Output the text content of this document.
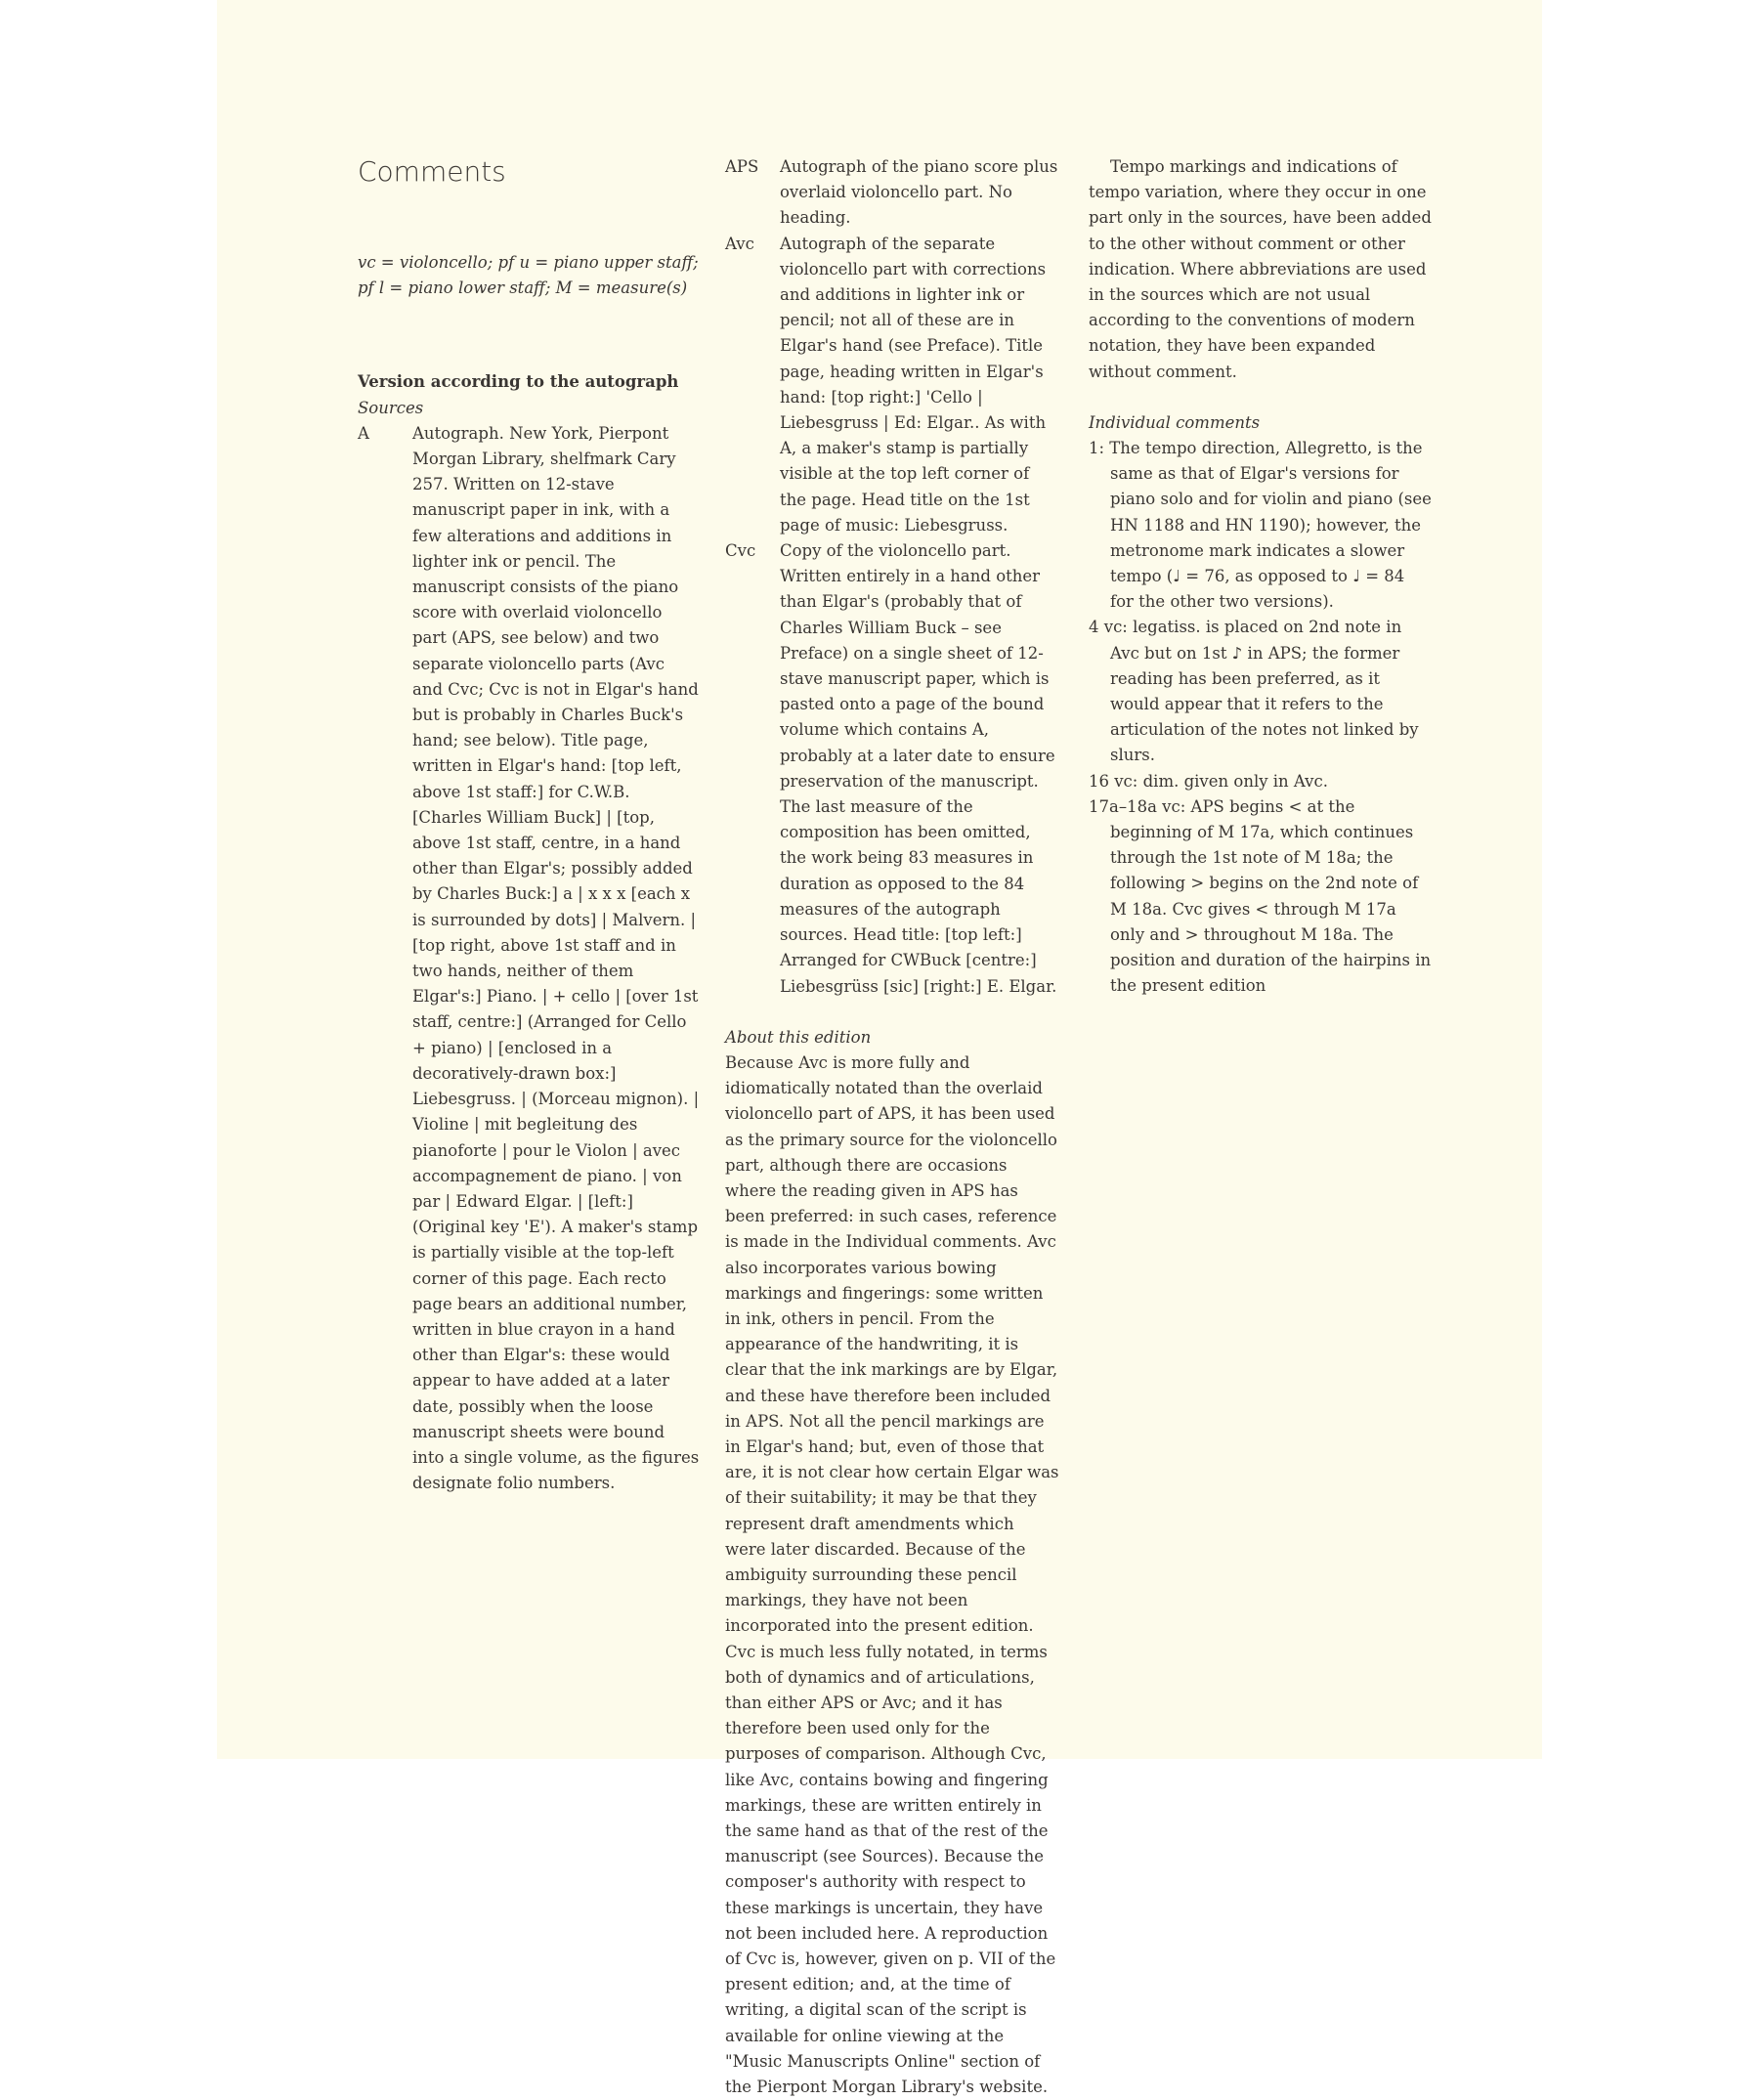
Comments

vc = violoncello; pf u = piano upper staff; pf l = piano lower staff; M = measure(s)

Version according to the autograph

Sources

A	Autograph. New York, Pierpont Morgan Library, shelfmark Cary 257. Written on 12-stave manuscript paper in ink, with a few alterations and additions in lighter ink or pencil. The manuscript consists of the piano score with overlaid violoncello part (APS, see below) and two separate violoncello parts (Avc and Cvc; Cvc is not in Elgar's hand but is probably in Charles Buck's hand; see below). Title page, written in Elgar's hand: [top left, above 1st staff:] for C.W.B. [Charles William Buck] | [top, above 1st staff, centre, in a hand other than Elgar's; possibly added by Charles Buck:] a | x x x [each x is surrounded by dots] | Malvern. | [top right, above 1st staff and in two hands, neither of them Elgar's:] Piano. | + cello | [over 1st staff, centre:] (Arranged for Cello + piano) | [enclosed in a decoratively-drawn box:] Liebesgruss. | (Morceau mignon). | Violine | mit begleitung des pianoforte | pour le Violon | avec accompagnement de piano. | von par | Edward Elgar. | [left:] (Original key 'E'). A maker's stamp is partially visible at the top-left corner of this page. Each recto page bears an additional number, written in blue crayon in a hand other than Elgar's: these would appear to have added at a later date, possibly when the loose manuscript sheets were bound into a single volume, as the figures designate folio numbers.
APS	Autograph of the piano score plus overlaid violoncello part. No heading.
Avc	Autograph of the separate violoncello part with corrections and additions in lighter ink or pencil; not all of these are in Elgar's hand (see Preface). Title page, heading written in Elgar's hand: [top right:] 'Cello | Liebesgruss | Ed: Elgar.. As with A, a maker's stamp is partially visible at the top left corner of the page. Head title on the 1st page of music: Liebesgruss.
Cvc	Copy of the violoncello part. Written entirely in a hand other than Elgar's (probably that of Charles William Buck – see Preface) on a single sheet of 12-stave manuscript paper, which is pasted onto a page of the bound volume which contains A, probably at a later date to ensure preservation of the manuscript. The last measure of the composition has been omitted, the work being 83 measures in duration as opposed to the 84 measures of the autograph sources. Head title: [top left:] Arranged for CWBuck [centre:] Liebesgrüss [sic] [right:] E. Elgar.

About this edition

Because Avc is more fully and idiomatically notated than the overlaid violoncello part of APS, it has been used as the primary source for the violoncello part, although there are occasions where the reading given in APS has been preferred: in such cases, reference is made in the Individual comments. Avc also incorporates various bowing markings and fingerings: some written in ink, others in pencil. From the appearance of the handwriting, it is clear that the ink markings are by Elgar, and these have therefore been included in APS. Not all the pencil markings are in Elgar's hand; but, even of those that are, it is not clear how certain Elgar was of their suitability; it may be that they represent draft amendments which were later discarded. Because of the ambiguity surrounding these pencil markings, they have not been incorporated into the present edition. Cvc is much less fully notated, in terms both of dynamics and of articulations, than either APS or Avc; and it has therefore been used only for the purposes of comparison. Although Cvc, like Avc, contains bowing and fingering markings, these are written entirely in the same hand as that of the rest of the manuscript (see Sources). Because the composer's authority with respect to these markings is uncertain, they have not been included here. A reproduction of Cvc is, however, given on p. VII of the present edition; and, at the time of writing, a digital scan of the script is available for online viewing at the "Music Manuscripts Online" section of the Pierpont Morgan Library's website.

Tempo markings and indications of tempo variation, where they occur in one part only in the sources, have been added to the other without comment or other indication. Where abbreviations are used in the sources which are not usual according to the conventions of modern notation, they have been expanded without comment.

Individual comments

1: The tempo direction, Allegretto, is the same as that of Elgar's versions for piano solo and for violin and piano (see HN 1188 and HN 1190); however, the metronome mark indicates a slower tempo (♩ = 76, as opposed to ♩ = 84 for the other two versions).

4 vc: legatiss. is placed on 2nd note in Avc but on 1st ♪ in APS; the former reading has been preferred, as it would appear that it refers to the articulation of the notes not linked by slurs.

16 vc: dim. given only in Avc.

17a–18a vc: APS begins < at the beginning of M 17a, which continues through the 1st note of M 18a; the following > begins on the 2nd note of M 18a. Cvc gives < through M 17a only and > throughout M 18a. The position and duration of the hairpins in the present edition
